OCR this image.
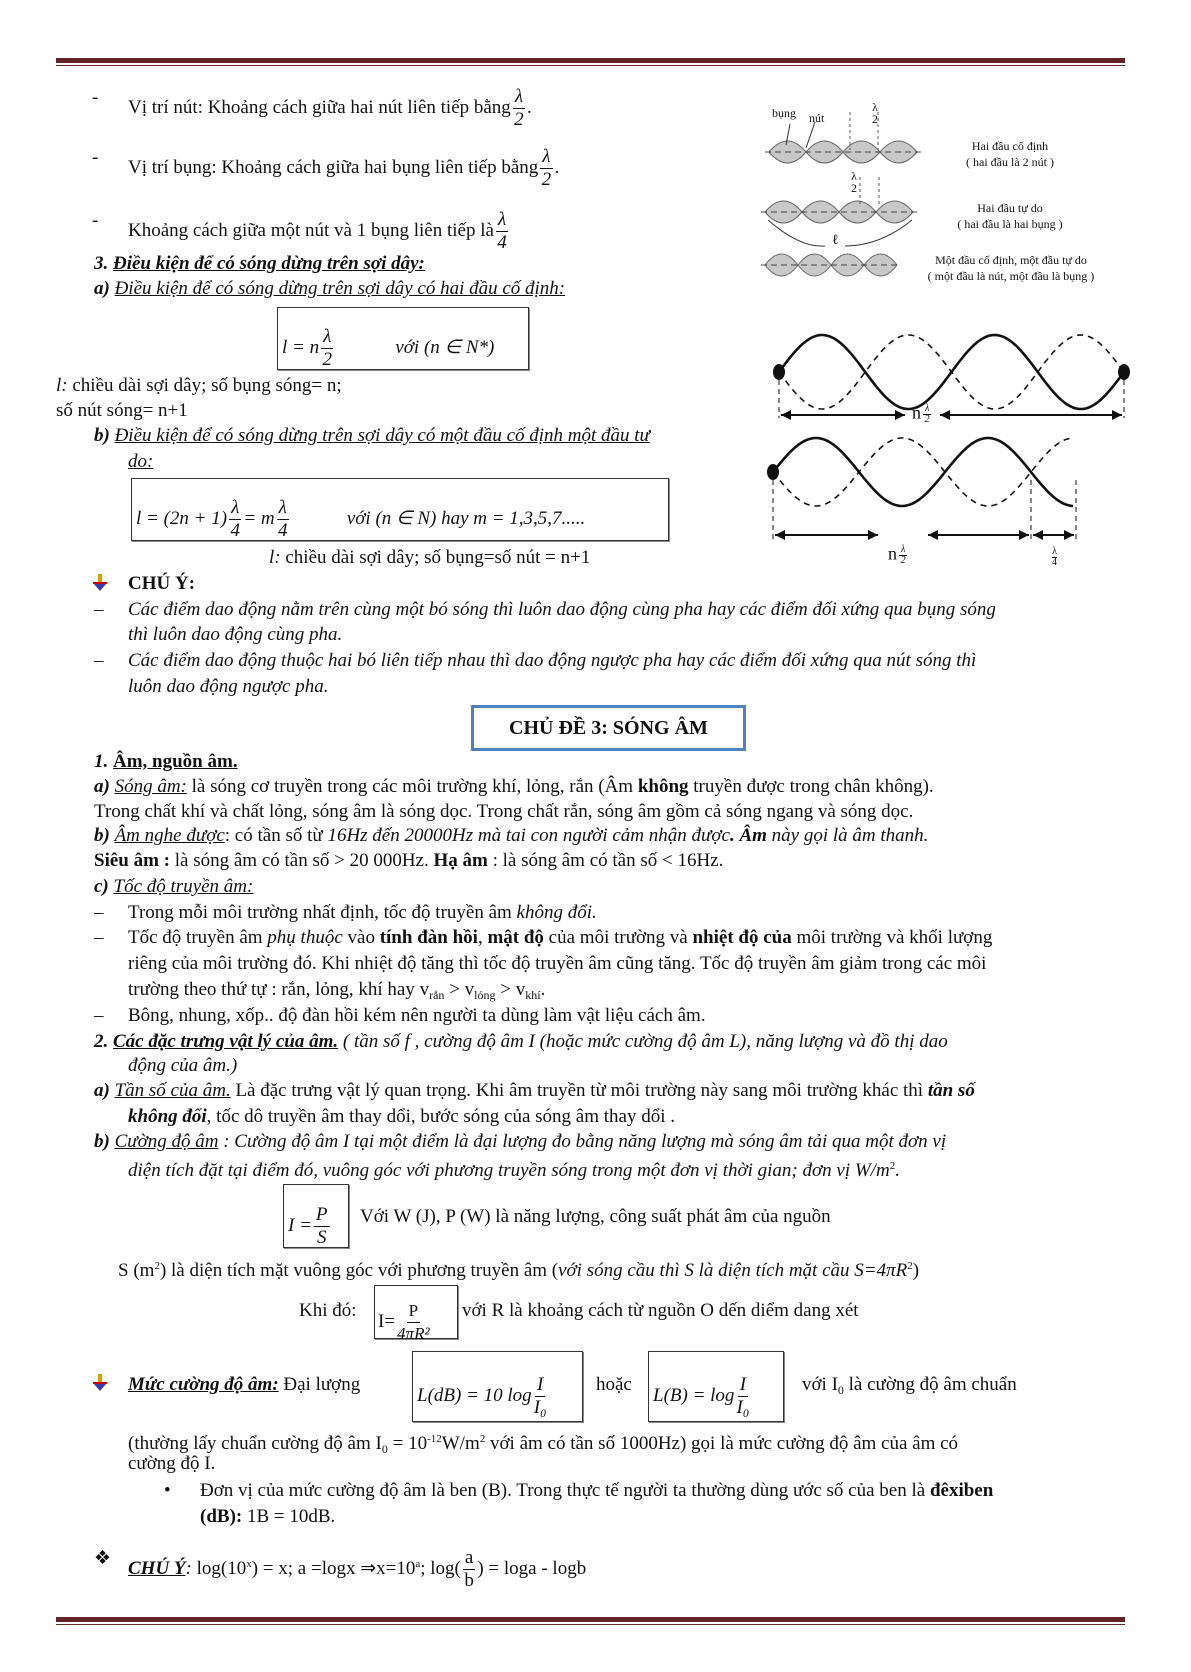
- Vị trí nút: Khoảng cách giữa hai nút liên tiếp bằng $\frac{\lambda}{2}$ .
- Vị trí bụng: Khoảng cách giữa hai bụng liên tiếp bằng $\frac{\lambda}{2}$ .
- Khoảng cách giữa một nút và 1 bụng liên tiếp là $\frac{\lambda}{4}$
3. Điều kiện để có sóng dừng trên sợi dây:
a) Điều kiện để có sóng dừng trên sợi dây có hai đầu cố định:
l = n $\frac{\lambda}{2}$	với (n ∈ N*)
l: chiều dài sợi dây; số bụng sóng= n;
số nút sóng= n+1
b) Điều kiện để có sóng dừng trên sợi dây có một đầu cố định một đầu tư
do:
$l = (2n + 1) \frac{\lambda}{4} = m \frac{\lambda}{4}$	với (n ∈ N) hay m = 1,3,5,7.....
l: chiều dài sợi dây; số bụng=số nút = n+1
bụng nút
λ
2
λ
2
ℓ
Hai đầu cố định
( hai đầu là 2 nút )
Hai đầu tự do
( hai đầu là hai bụng )
Một đầu cố định, một đầu tự do
( một đầu là nút, một đầu là bụng )
n $\frac{\lambda}{2}$
n $\frac{\lambda}{2}$	λ
4
CHÚ Ý:
– Các điểm dao động nằm trên cùng một bó sóng thì luôn dao động cùng pha hay các điểm đối xứng qua bụng sóng
thì luôn dao động cùng pha.
– Các điểm dao động thuộc hai bó liên tiếp nhau thì dao động ngược pha hay các điểm đối xứng qua nút sóng thì
luôn dao động ngược pha.
CHỦ ĐỀ 3: SÓNG ÂM
1. Âm, nguồn âm.
a) Sóng âm: là sóng cơ truyền trong các môi trường khí, lỏng, rắn (Âm không truyền được trong chân không).
Trong chất khí và chất lỏng, sóng âm là sóng dọc. Trong chất rắn, sóng âm gồm cả sóng ngang và sóng dọc.
b) Âm nghe được: có tần số từ 16Hz đến 20000Hz mà tai con người cảm nhận được. Âm này gọi là âm thanh.
Siêu âm : là sóng âm có tần số > 20 000Hz. Hạ âm : là sóng âm có tần số < 16Hz.
c) Tốc độ truyền âm:
– Trong mỗi môi trường nhất định, tốc độ truyền âm không đổi.
– Tốc độ truyền âm phụ thuộc vào tính đàn hồi, mật độ của môi trường và nhiệt độ của môi trường và khối lượng
riêng của môi trường đó. Khi nhiệt độ tăng thì tốc độ truyền âm cũng tăng. Tốc độ truyền âm giảm trong các môi
trường theo thứ tự : rắn, lỏng, khí hay $v_{rắn} > v_{lỏng} > v_{khí}$.
– Bông, nhung, xốp.. độ đàn hồi kém nên người ta dùng làm vật liệu cách âm.
2. Các đặc trưng vật lý của âm. ( tần số f , cường độ âm I (hoặc mức cường độ âm L), năng lượng và đồ thị dao
động của âm.)
a) Tần số của âm. Là đặc trưng vật lý quan trọng. Khi âm truyền từ môi trường này sang môi trường khác thì tần số
không đổi, tốc dô truyền âm thay dổi, bước sóng của sóng âm thay dổi .
b) Cường độ âm : Cường độ âm I tại một điểm là đại lượng đo bằng năng lượng mà sóng âm tải qua một đơn vị
diện tích đặt tại điểm đó, vuông góc với phương truyền sóng trong một đơn vị thời gian; đơn vị $W/m^2$.
$I = \frac{P}{S}$ Với W (J), P (W) là năng lượng, công suất phát âm của nguồn
S $(m^2)$ là diện tích mặt vuông góc với phương truyền âm (với sóng cầu thì S là diện tích mặt cầu $S=4\pi R^2$)
Khi đó:
$I= \frac{P}{\text{4πR²}}$ với R là khoảng cách từ nguồn O dến diểm dang xét
Mức cường độ âm: Đại lượng
L(dB) = 10 $\log \frac{I}{\text{I₀}}$	hoặc
$L(B) = \log \frac{I}{\text{I₀}}$	với $I_0$ là cường độ âm chuẩn
(thường lấy chuẩn cường độ âm $I_0 = 10^{-12}W/m^2$ với âm có tần số 1000Hz) gọi là mức cường độ âm của âm có
cường độ I.
• Đơn vị của mức cường độ âm là ben (B). Trong thực tế người ta thường dùng ước số của ben là đêxiben
(dB): 1B = 10dB.
❖ CHÚ Ý: $\log(10^x) = x$; a =logx $\Rightarrow x=10^a$; $\log( \frac{a}{b}$ ) = loga - logb
